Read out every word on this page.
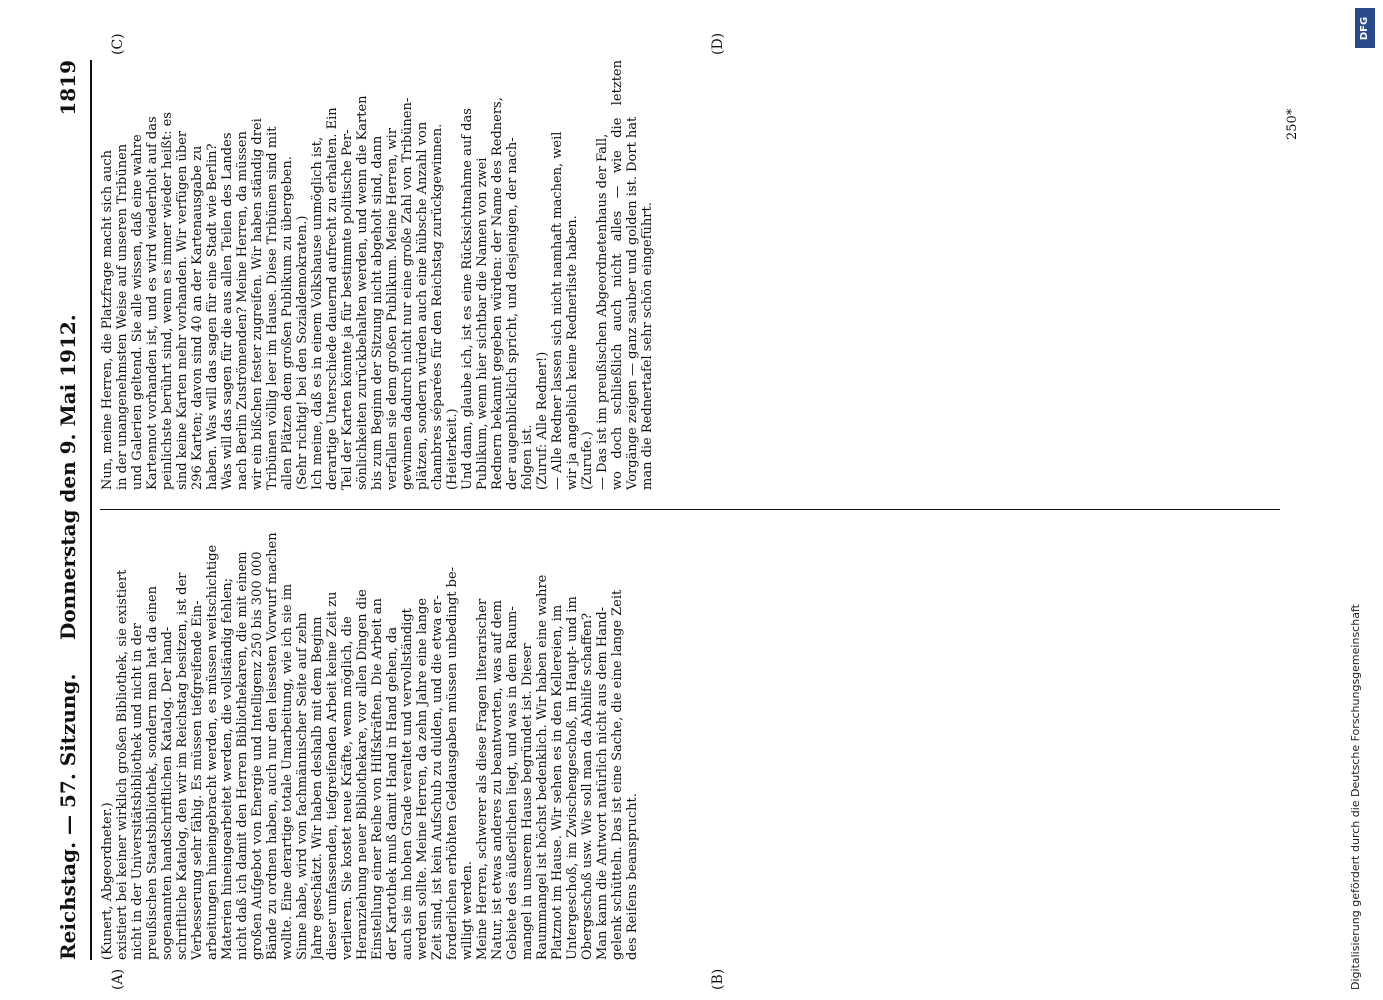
Reichstag. — 57. Sitzung.
Donnerstag den 9. Mai 1912.
1819
(A)	(B)
(C)	(D)
(Kunert, Abgeordneter.) existiert bei keiner wirklich großen Bibliothek, sie existiert nicht in der Universitätsbibliothek und nicht in der preußischen Staatsbibliothek, sondern man hat da einen sogenannten handschriftlichen Katalog. Der hand- schriftliche Katalog, den wir im Reichstag besitzen, ist der Verbesserung sehr fähig. Es müssen tiefgreifende Ein- arbeitungen hineingebracht werden, es müssen weitschichtige Materien hineingearbeitet werden, die vollständig fehlen; nicht daß ich damit den Herren Bibliothekaren, die mit einem großen Aufgebot von Energie und Intelligenz 250 bis 300 000 Bände zu ordnen haben, auch nur den leisesten Vorwurf machen wollte. Eine derartige totale Umarbeitung, wie ich sie im Sinne habe, wird von fachmännischer Seite auf zehn Jahre geschätzt. Wir haben deshalb mit dem Beginn dieser umfassenden, tiefgreifenden Arbeit keine Zeit zu verlieren. Sie kostet neue Kräfte, wenn möglich, die Heranziehung neuer Bibliothekare, vor allen Dingen die Einstellung einer Reihe von Hilfskräften. Die Arbeit an der Kartothek muß damit Hand in Hand gehen, da auch sie im hohen Grade veraltet und vervollständigt werden sollte. Meine Herren, da zehn Jahre eine lange Zeit sind, ist kein Aufschub zu dulden, und die etwa er- forderlichen erhöhten Geldausgaben müssen unbedingt be- willigt werden. Meine Herren, schwerer als diese Fragen literarischer Natur, ist etwas anderes zu beantworten, was auf dem Gebiete des äußerlichen liegt, und was in dem Raum- mangel in unserem Hause begründet ist. Dieser Raummangel ist höchst bedenklich. Wir haben eine wahre Platznot im Hause. Wir sehen es in den Kellereien, im Untergeschoß, im Zwischengeschoß, im Haupt- und im Obergeschoß usw. Wie soll man da Abhilfe schaffen? Man kann die Antwort natürlich nicht aus dem Hand- gelenk schütteln. Das ist eine Sache, die eine lange Zeit des Reifens beansprucht.
Nun, meine Herren, die Platzfrage macht sich auch in der unangenehmsten Weise auf unseren Tribünen und Galerien geltend. Sie alle wissen, daß eine wahre Kartennot vorhanden ist, und es wird wiederholt auf das peinlichste berührt sind, wenn es immer wieder heißt: es sind keine Karten mehr vorhanden. Wir verfügen über 296 Karten; davon sind 40 an der Kartenausgabe zu haben. Was will das sagen für eine Stadt wie Berlin? Was will das sagen für die aus allen Teilen des Landes nach Berlin Zuströmenden? Meine Herren, da müssen wir ein bißchen fester zugreifen. Wir haben ständig drei Tribünen völlig leer im Hause. Diese Tribünen sind mit allen Plätzen dem großen Publikum zu übergeben. (Sehr richtig! bei den Sozialdemokraten.) Ich meine, daß es in einem Volkshause unmöglich ist, derartige Unterschiede dauernd aufrecht zu erhalten. Ein Teil der Karten könnte ja für bestimmte politische Per- sönlichkeiten zurückbehalten werden, und wenn die Karten bis zum Beginn der Sitzung nicht abgeholt sind, dann verfallen sie dem großen Publikum. Meine Herren, wir gewinnen dadurch nicht nur eine große Zahl von Tribünen- plätzen, sondern würden auch eine hübsche Anzahl von chambres séparées für den Reichstag zurückgewinnen. (Heiterkeit.) Und dann, glaube ich, ist es eine Rücksichtnahme auf das Publikum, wenn hier sichtbar die Namen von zwei Rednern bekannt gegeben würden: der Name des Redners, der augenblicklich spricht, und desjenigen, der nach- folgen ist. (Zuruf: Alle Redner!) — Alle Redner lassen sich nicht namhaft machen, weil wir ja angeblich keine Rednerliste haben. (Zurufe.) — Das ist im preußischen Abgeordnetenhaus der Fall, wo doch schließlich auch nicht alles — wie die letzten
Vorgänge zeigen — ganz sauber und golden ist. Dort hat man die Rednertafel sehr schön eingeführt.
250*
Digitalisierung gefördert durch die Deutsche Forschungsgemeinschaft
DFG
